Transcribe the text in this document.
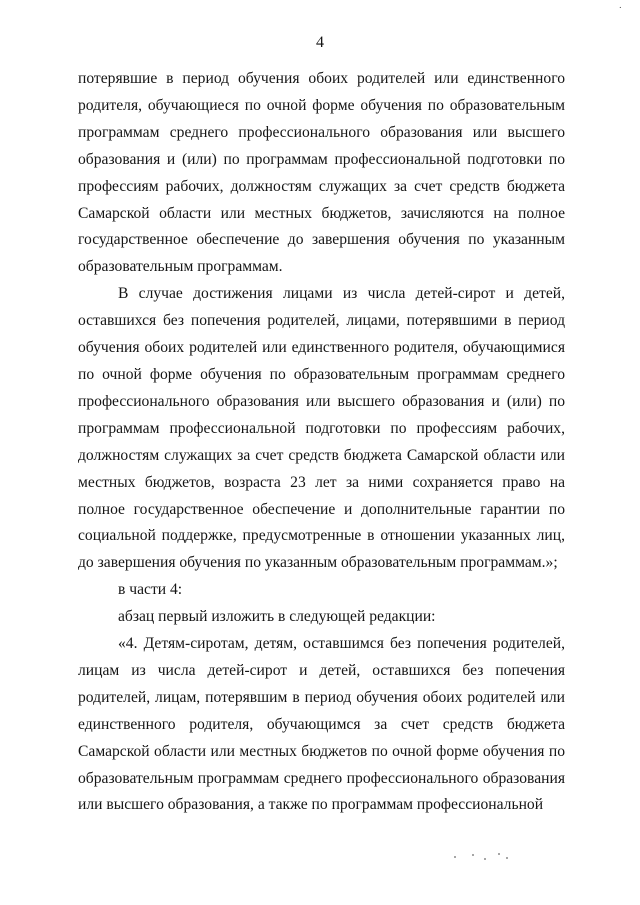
˙
4

потерявшие в период обучения обоих родителей или единственного родителя, обучающиеся по очной форме обучения по образовательным программам среднего профессионального образования или высшего образования и (или) по программам профессиональной подготовки по профессиям рабочих, должностям служащих за счет средств бюджета Самарской области или местных бюджетов, зачисляются на полное государственное обеспечение до завершения обучения по указанным образовательным программам.

В случае достижения лицами из числа детей-сирот и детей, оставшихся без попечения родителей, лицами, потерявшими в период обучения обоих родителей или единственного родителя, обучающимися по очной форме обучения по образовательным программам среднего профессионального образования или высшего образования и (или) по программам профессиональной подготовки по профессиям рабочих, должностям служащих за счет средств бюджета Самарской области или местных бюджетов, возраста 23 лет за ними сохраняется право на полное государственное обеспечение и дополнительные гарантии по социальной поддержке, предусмотренные в отношении указанных лиц, до завершения обучения по указанным образовательным программам.»;

в части 4:

абзац первый изложить в следующей редакции:

«4. Детям-сиротам, детям, оставшимся без попечения родителей, лицам из числа детей-сирот и детей, оставшихся без попечения родителей, лицам, потерявшим в период обучения обоих родителей или единственного родителя, обучающимся за счет средств бюджета Самарской области или местных бюджетов по очной форме обучения по образовательным программам среднего профессионального образования или высшего образования, а также по программам профессиональной
